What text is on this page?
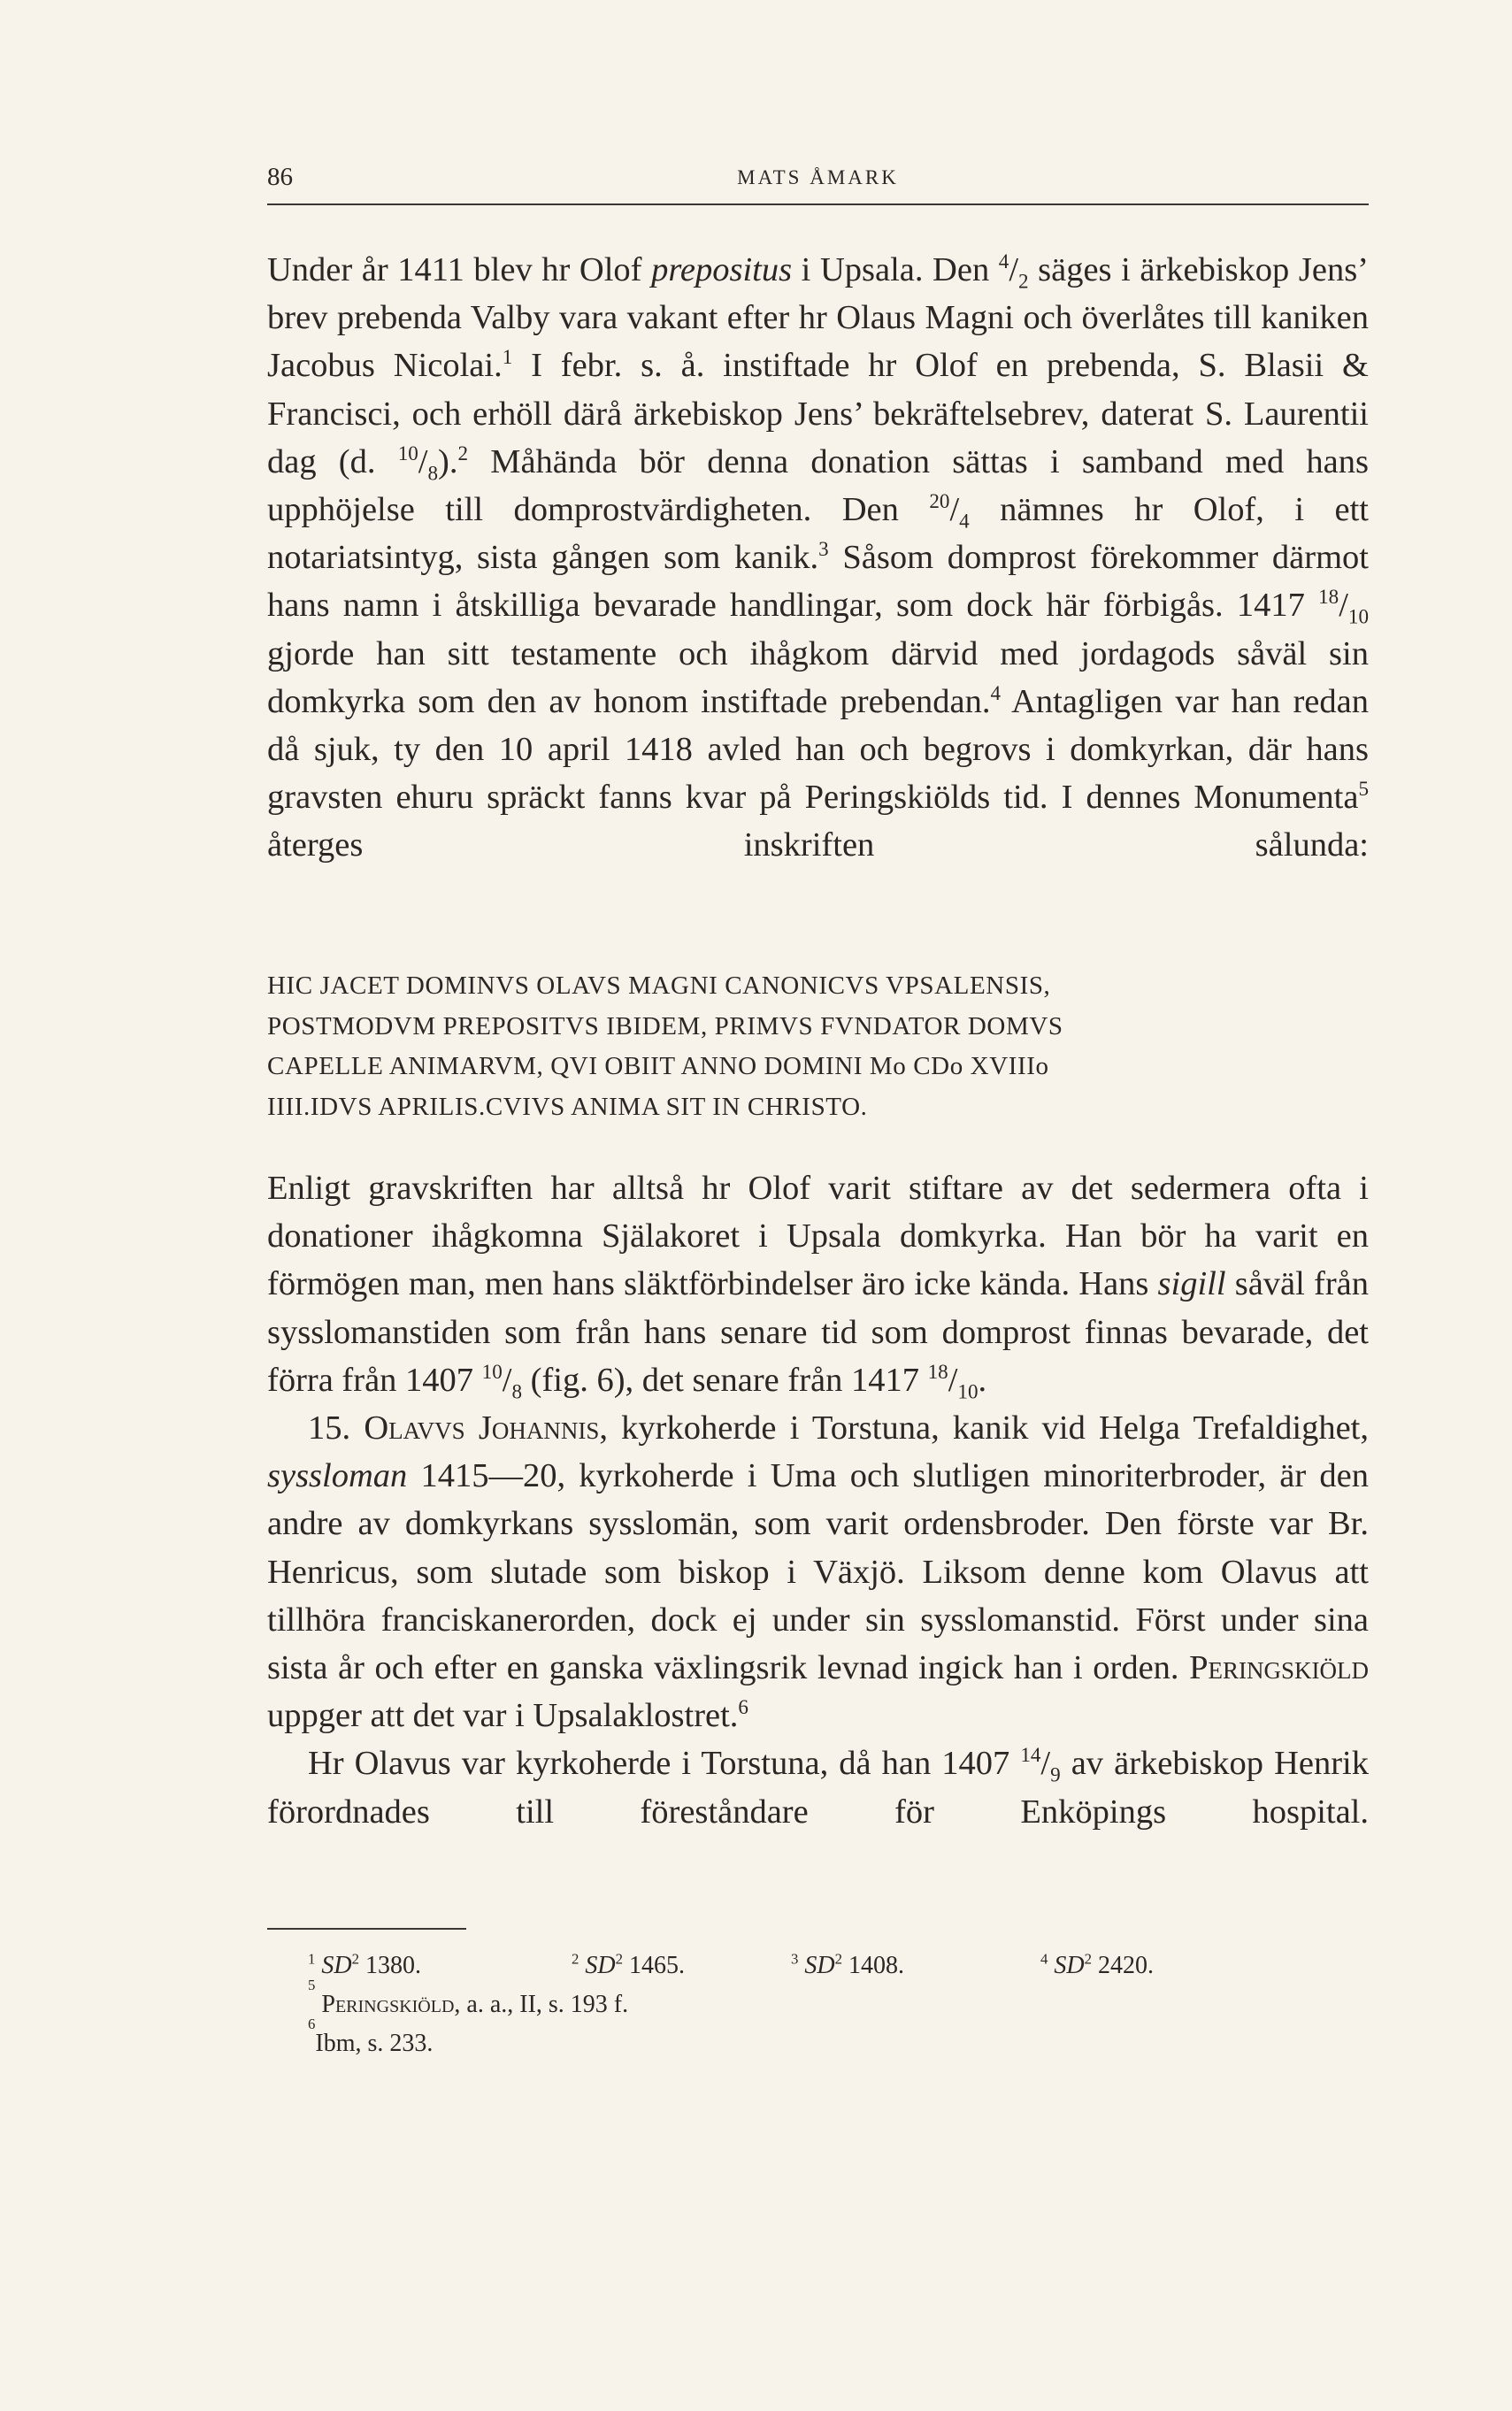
86	MATS ÅMARK

Under år 1411 blev hr Olof prepositus i Upsala. Den $^4/_2$ säges i ärkebiskop Jens’ brev prebenda Valby vara vakant efter hr Olaus Magni och överlåtes till kaniken Jacobus Nicolai.$^1$ I febr. s. å. instiftade hr Olof en prebenda, S. Blasii & Francisci, och erhöll därå ärkebiskop Jens’ bekräftelsebrev, daterat S. Laurentii dag (d. $^{10}/_8).^2$ Måhända bör denna donation sättas i samband med hans upphöjelse till domprostvärdigheten. Den $^{20}/_4$ nämnes hr Olof, i ett notariatsintyg, sista gången som kanik.$^3$ Såsom domprost förekommer därmot hans namn i åtskilliga bevarade handlingar, som dock här förbigås. 1417 $^{18}/_{10}$ gjorde han sitt testamente och ihågkom därvid med jordagods såväl sin domkyrka som den av honom instiftade prebendan.$^4$ Antagligen var han redan då sjuk, ty den 10 april 1418 avled han och begrovs i domkyrkan, där hans gravsten ehuru spräckt fanns kvar på Peringskiölds tid. I dennes Monumenta$^5$ återges inskriften sålunda:

HIC JACET DOMINVS OLAVS MAGNI CANONICVS VPSALENSIS,
POSTMODVM PREPOSITVS IBIDEM, PRIMVS FVNDATOR DOMVS
CAPELLE ANIMARVM, QVI OBIIT ANNO DOMINI Mo CDo XVIIIo
IIII.IDVS APRILIS.CVIVS ANIMA SIT IN CHRISTO.

Enligt gravskriften har alltså hr Olof varit stiftare av det sedermera ofta i donationer ihågkomna Själakoret i Upsala domkyrka. Han bör ha varit en förmögen man, men hans släktförbindelser äro icke kända. Hans sigill såväl från sysslomanstiden som från hans senare tid som domprost finnas bevarade, det förra från 1407 $^{10}/_8$ (fig. 6), det senare från 1417 $^{18}/_{10}$.

15. Olavvs Johannis, kyrkoherde i Torstuna, kanik vid Helga Trefaldighet, syssloman 1415—20, kyrkoherde i Uma och slutligen minoriterbroder, är den andre av domkyrkans sysslomän, som varit ordensbroder. Den förste var Br. Henricus, som slutade som biskop i Växjö. Liksom denne kom Olavus att tillhöra franciskanerorden, dock ej under sin sysslomanstid. Först under sina sista år och efter en ganska växlingsrik levnad ingick han i orden. Peringskiöld uppger att det var i Upsalaklostret.$^6$

Hr Olavus var kyrkoherde i Torstuna, då han 1407 $^{14}/_9$ av ärkebiskop Henrik förordnades till föreståndare för Enköpings hospital.

$^1$ $SD^2$ 1380.	$^2$ $SD^2$ 1465.	$^3$ $SD^2$ 1408.	$^4$ $SD^2$ 2420.
5

Peringskiöld , a. a., II, s. 193 f.
6
Ibm, s. 233.
